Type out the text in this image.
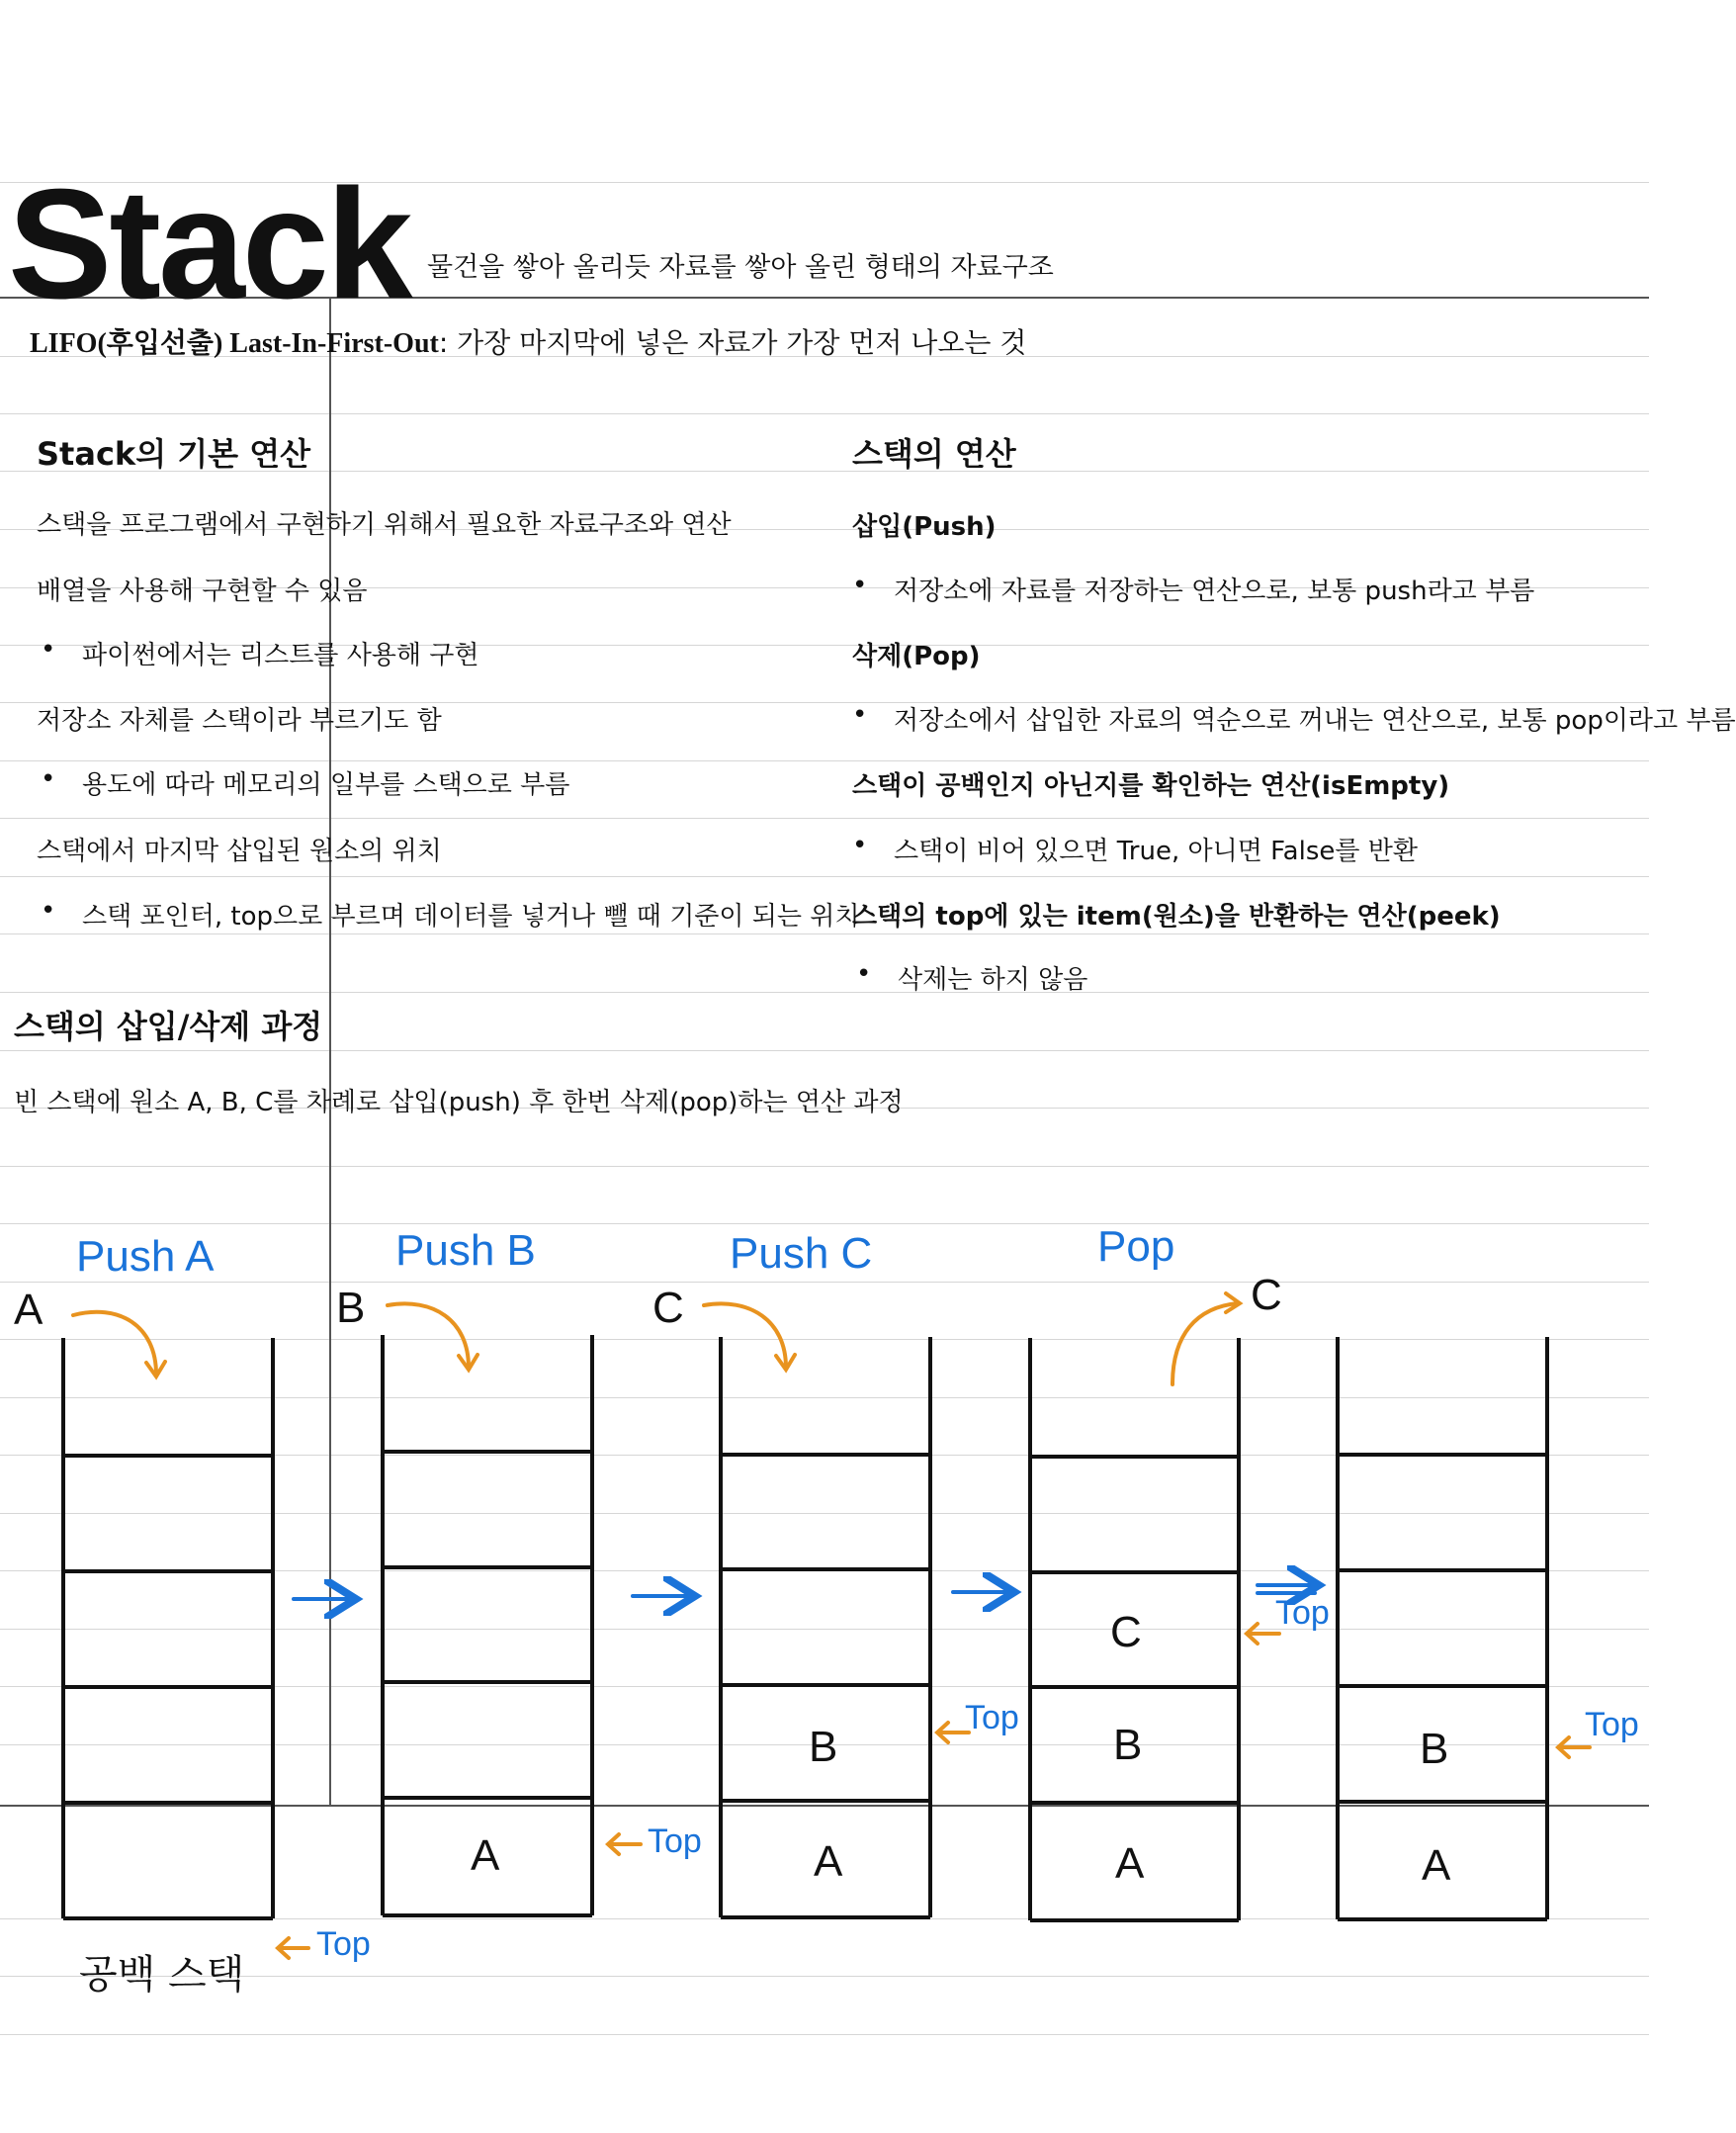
Stack 물건을 쌓아 올리듯 자료를 쌓아 올린 형태의 자료구조
LIFO(후입선출) Last-In-First-Out: 가장 마지막에 넣은 자료가 가장 먼저 나오는 것
Stack의 기본 연산
스택을 프로그램에서 구현하기 위해서 필요한 자료구조와 연산
배열을 사용해 구현할 수 있음
• 파이썬에서는 리스트를 사용해 구현
저장소 자체를 스택이라 부르기도 함
• 용도에 따라 메모리의 일부를 스택으로 부름
스택에서 마지막 삽입된 원소의 위치
• 스택 포인터, top으로 부르며 데이터를 넣거나 뺄 때 기준이 되는 위치
스택의 연산
삽입(Push)
• 저장소에 자료를 저장하는 연산으로, 보통 push라고 부름
삭제(Pop)
• 저장소에서 삽입한 자료의 역순으로 꺼내는 연산으로, 보통 pop이라고 부름
스택이 공백인지 아닌지를 확인하는 연산(isEmpty)
• 스택이 비어 있으면 True, 아니면 False를 반환
스택의 top에 있는 item(원소)을 반환하는 연산(peek)
• 삭제는 하지 않음
스택의 삽입/삭제 과정
빈 스택에 원소 A, B, C를 차례로 삽입(push) 후 한번 삭제(pop)하는 연산 과정
Push A	Push B	Push C	Pop
A	B	C	C
A
B
A
C
B
A
B
A
Top
Top
Top
Top
Top
공백 스택
